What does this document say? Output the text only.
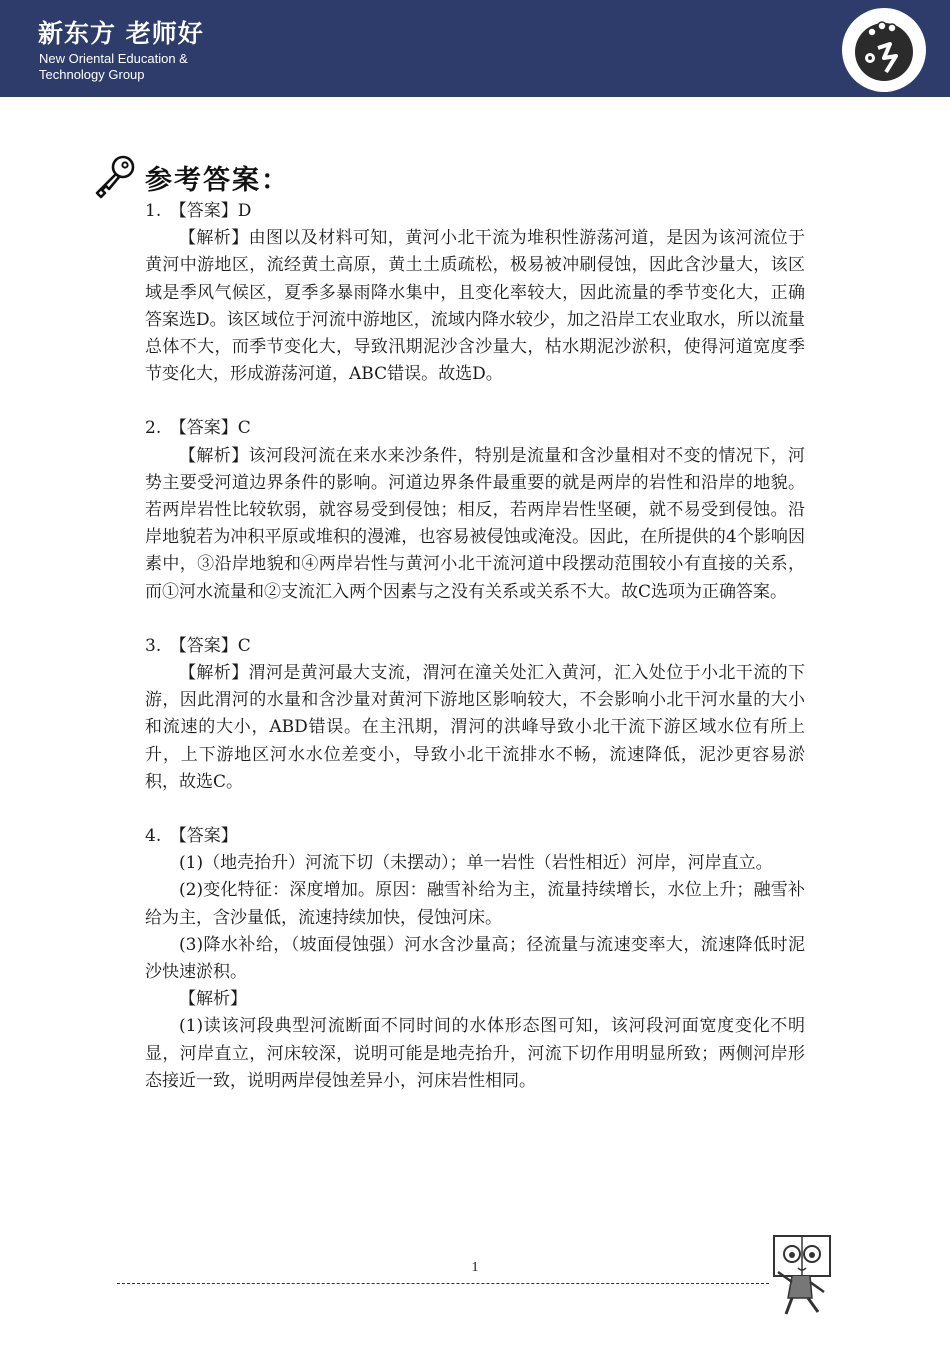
新东方 老师好
New Oriental Education &
Technology Group
参考答案：

1.　【答案】D

【解析】由图以及材料可知，黄河小北干流为堆积性游荡河道，是因为该河流位于黄河中游地区，流经黄土高原，黄土土质疏松，极易被冲刷侵蚀，因此含沙量大，该区域是季风气候区，夏季多暴雨降水集中，且变化率较大，因此流量的季节变化大，正确答案选D。该区域位于河流中游地区，流域内降水较少，加之沿岸工农业取水，所以流量总体不大，而季节变化大，导致汛期泥沙含沙量大，枯水期泥沙淤积，使得河道宽度季节变化大，形成游荡河道，ABC错误。故选D。

2.　【答案】C

【解析】该河段河流在来水来沙条件，特别是流量和含沙量相对不变的情况下，河势主要受河道边界条件的影响。河道边界条件最重要的就是两岸的岩性和沿岸的地貌。若两岸岩性比较软弱，就容易受到侵蚀；相反，若两岸岩性坚硬，就不易受到侵蚀。沿岸地貌若为冲积平原或堆积的漫滩，也容易被侵蚀或淹没。因此，在所提供的4个影响因素中，③沿岸地貌和④两岸岩性与黄河小北干流河道中段摆动范围较小有直接的关系，而①河水流量和②支流汇入两个因素与之没有关系或关系不大。故C选项为正确答案。

3.　【答案】C

【解析】渭河是黄河最大支流，渭河在潼关处汇入黄河，汇入处位于小北干流的下游，因此渭河的水量和含沙量对黄河下游地区影响较大，不会影响小北干河水量的大小和流速的大小，ABD错误。在主汛期，渭河的洪峰导致小北干流下游区域水位有所上升，上下游地区河水水位差变小，导致小北干流排水不畅，流速降低，泥沙更容易淤积，故选C。

4.　【答案】

(1)（地壳抬升）河流下切（未摆动）；单一岩性（岩性相近）河岸，河岸直立。

(2)变化特征：深度增加。原因：融雪补给为主，流量持续增长，水位上升；融雪补给为主，含沙量低，流速持续加快，侵蚀河床。

(3)降水补给，（坡面侵蚀强）河水含沙量高；径流量与流速变率大，流速降低时泥沙快速淤积。

【解析】

(1)读该河段典型河流断面不同时间的水体形态图可知，该河段河面宽度变化不明显，河岸直立，河床较深，说明可能是地壳抬升，河流下切作用明显所致；两侧河岸形态接近一致，说明两岸侵蚀差异小，河床岩性相同。

1
